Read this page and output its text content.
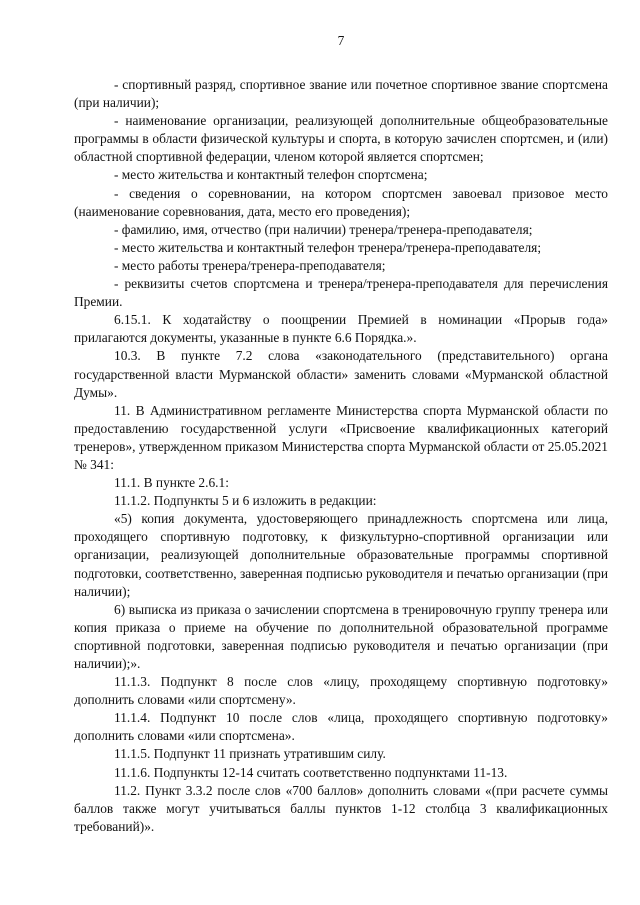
7

- спортивный разряд, спортивное звание или почетное спортивное звание спортсмена (при наличии);

- наименование организации, реализующей дополнительные общеобразовательные программы в области физической культуры и спорта, в которую зачислен спортсмен, и (или) областной спортивной федерации, членом которой является спортсмен;

- место жительства и контактный телефон спортсмена;

- сведения о соревновании, на котором спортсмен завоевал призовое место (наименование соревнования, дата, место его проведения);

- фамилию, имя, отчество (при наличии) тренера/тренера-преподавателя;

- место жительства и контактный телефон тренера/тренера-преподавателя;

- место работы тренера/тренера-преподавателя;

- реквизиты счетов спортсмена и тренера/тренера-преподавателя для перечисления Премии.

6.15.1. К ходатайству о поощрении Премией в номинации «Прорыв года» прилагаются документы, указанные в пункте 6.6 Порядка.».

10.3. В пункте 7.2 слова «законодательного (представительного) органа государственной власти Мурманской области» заменить словами «Мурманской областной Думы».

11. В Административном регламенте Министерства спорта Мурманской области по предоставлению государственной услуги «Присвоение квалификационных категорий тренеров», утвержденном приказом Министерства спорта Мурманской области от 25.05.2021 № 341:

11.1. В пункте 2.6.1:

11.1.2. Подпункты 5 и 6 изложить в редакции:

«5) копия документа, удостоверяющего принадлежность спортсмена или лица, проходящего спортивную подготовку, к физкультурно-спортивной организации или организации, реализующей дополнительные образовательные программы спортивной подготовки, соответственно, заверенная подписью руководителя и печатью организации (при наличии);

6) выписка из приказа о зачислении спортсмена в тренировочную группу тренера или копия приказа о приеме на обучение по дополнительной образовательной программе спортивной подготовки, заверенная подписью руководителя и печатью организации (при наличии);».

11.1.3. Подпункт 8 после слов «лицу, проходящему спортивную подготовку» дополнить словами «или спортсмену».

11.1.4. Подпункт 10 после слов «лица, проходящего спортивную подготовку» дополнить словами «или спортсмена».

11.1.5. Подпункт 11 признать утратившим силу.

11.1.6. Подпункты 12-14 считать соответственно подпунктами 11-13.

11.2. Пункт 3.3.2 после слов «700 баллов» дополнить словами «(при расчете суммы баллов также могут учитываться баллы пунктов 1-12 столбца 3 квалификационных требований)».
